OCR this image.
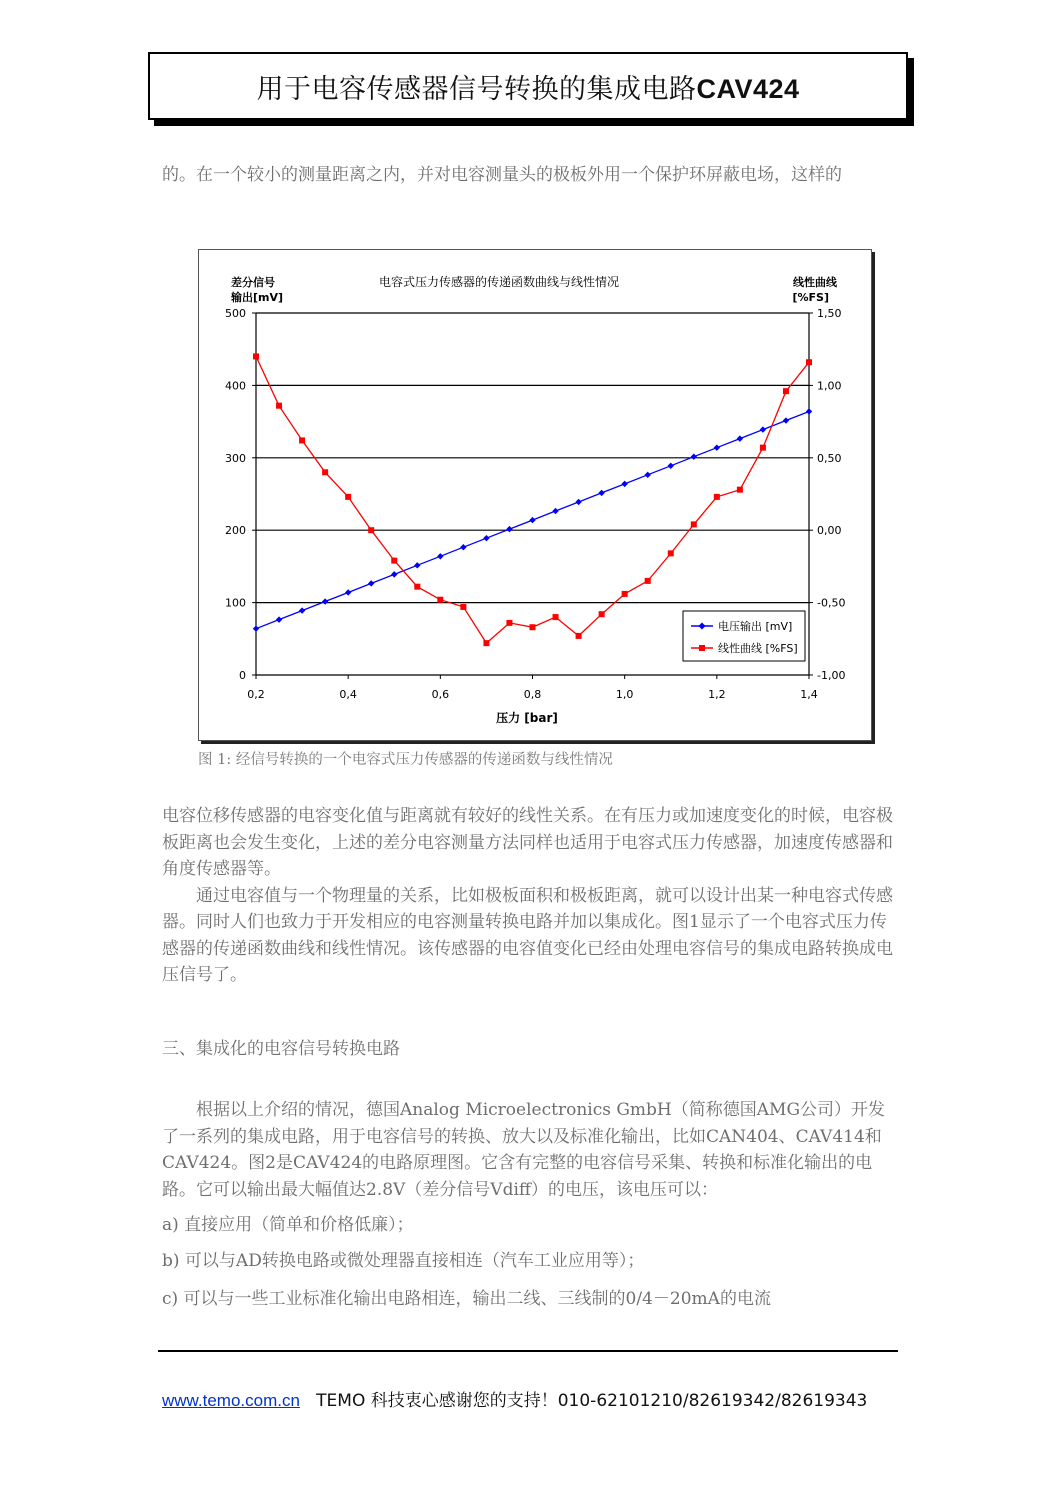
用于电容传感器信号转换的集成电路CAV424

的。在一个较小的测量距离之内，并对电容测量头的极板外用一个保护环屏蔽电场，这样的

电容式压力传感器的传递函数曲线与线性情况
差分信号
输出[mV]
线性曲线
[%FS]
压力 [bar]
0	-1,00
100	-0,50
200	0,00
300	0,50
400	1,00
500	1,50
0,2	0,4	0,6	0,8	1,0	1,2	1,4
电压输出 [mV]
线性曲线 [%FS]
图 1: 经信号转换的一个电容式压力传感器的传递函数与线性情况

电容位移传感器的电容变化值与距离就有较好的线性关系。在有压力或加速度变化的时候，电容极板距离也会发生变化，上述的差分电容测量方法同样也适用于电容式压力传感器，加速度传感器和角度传感器等。

通过电容值与一个物理量的关系，比如极板面积和极板距离，就可以设计出某一种电容式传感器。同时人们也致力于开发相应的电容测量转换电路并加以集成化。图1显示了一个电容式压力传感器的传递函数曲线和线性情况。该传感器的电容值变化已经由处理电容信号的集成电路转换成电压信号了。

三、集成化的电容信号转换电路

根据以上介绍的情况，德国Analog Microelectronics GmbH（简称德国AMG公司）开发了一系列的集成电路，用于电容信号的转换、放大以及标准化输出，比如CAN404、CAV414和CAV424。图2是CAV424的电路原理图。它含有完整的电容信号采集、转换和标准化输出的电路。它可以输出最大幅值达2.8V（差分信号Vdiff）的电压，该电压可以：

a) 直接应用（简单和价格低廉）；
b) 可以与AD转换电路或微处理器直接相连（汽车工业应用等）；
c) 可以与一些工业标准化输出电路相连，输出二线、三线制的0/4－20mA的电流
www.temo.com.cn TEMO 科技衷心感谢您的支持！010-62101210/82619342/82619343
